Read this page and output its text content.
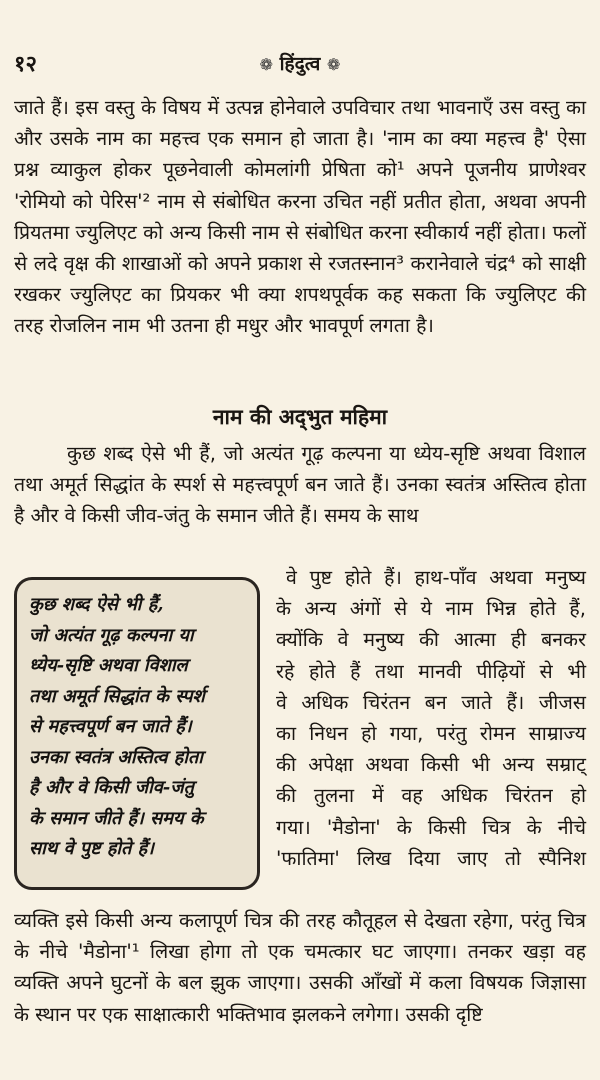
१२	❁ हिंदुत्व ❁
जाते हैं। इस वस्तु के विषय में उत्पन्न होनेवाले उपविचार तथा भावनाएँ उस वस्तु का और उसके नाम का महत्त्व एक समान हो जाता है। 'नाम का क्या महत्त्व है' ऐसा प्रश्न व्याकुल होकर पूछनेवाली कोमलांगी प्रेषिता को¹ अपने पूजनीय प्राणेश्वर 'रोमियो को पेरिस'² नाम से संबोधित करना उचित नहीं प्रतीत होता, अथवा अपनी प्रियतमा ज्युलिएट को अन्य किसी नाम से संबोधित करना स्वीकार्य नहीं होता। फलों से लदे वृक्ष की शाखाओं को अपने प्रकाश से रजतस्नान³ करानेवाले चंद्र⁴ को साक्षी रखकर ज्युलिएट का प्रियकर भी क्या शपथपूर्वक कह सकता कि ज्युलिएट की तरह रोजलिन नाम भी उतना ही मधुर और भावपूर्ण लगता है।
नाम की अद्‌भुत महिमा
कुछ शब्द ऐसे भी हैं, जो अत्यंत गूढ़ कल्पना या ध्येय-सृष्टि अथवा विशाल तथा अमूर्त सिद्धांत के स्पर्श से महत्त्वपूर्ण बन जाते हैं। उनका स्वतंत्र अस्तित्व होता है और वे किसी जीव-जंतु के समान जीते हैं। समय के साथ
कुछ शब्द ऐसे भी हैं,
जो अत्यंत गूढ़ कल्पना या
ध्येय-सृष्टि अथवा विशाल
तथा अमूर्त सिद्धांत के स्पर्श
से महत्त्वपूर्ण बन जाते हैं।
उनका स्वतंत्र अस्तित्व होता
है और वे किसी जीव-जंतु
के समान जीते हैं। समय के
साथ वे पुष्ट होते हैं।
वे पुष्ट होते हैं। हाथ-पाँव अथवा मनुष्य
के अन्य अंगों से ये नाम भिन्न होते हैं,
क्योंकि वे मनुष्य की आत्मा ही बनकर
रहे होते हैं तथा मानवी पीढ़ियों से भी
वे अधिक चिरंतन बन जाते हैं। जीजस
का निधन हो गया, परंतु रोमन साम्राज्य
की अपेक्षा अथवा किसी भी अन्य सम्राट्
की तुलना में वह अधिक चिरंतन हो
गया। 'मैडोना' के किसी चित्र के नीचे
'फातिमा' लिख दिया जाए तो स्पैनिश
व्यक्ति इसे किसी अन्य कलापूर्ण चित्र की तरह कौतूहल से देखता रहेगा, परंतु चित्र के नीचे 'मैडोना'¹ लिखा होगा तो एक चमत्कार घट जाएगा। तनकर खड़ा वह व्यक्ति अपने घुटनों के बल झुक जाएगा। उसकी आँखों में कला विषयक जिज्ञासा के स्थान पर एक साक्षात्कारी भक्तिभाव झलकने लगेगा। उसकी दृष्टि
